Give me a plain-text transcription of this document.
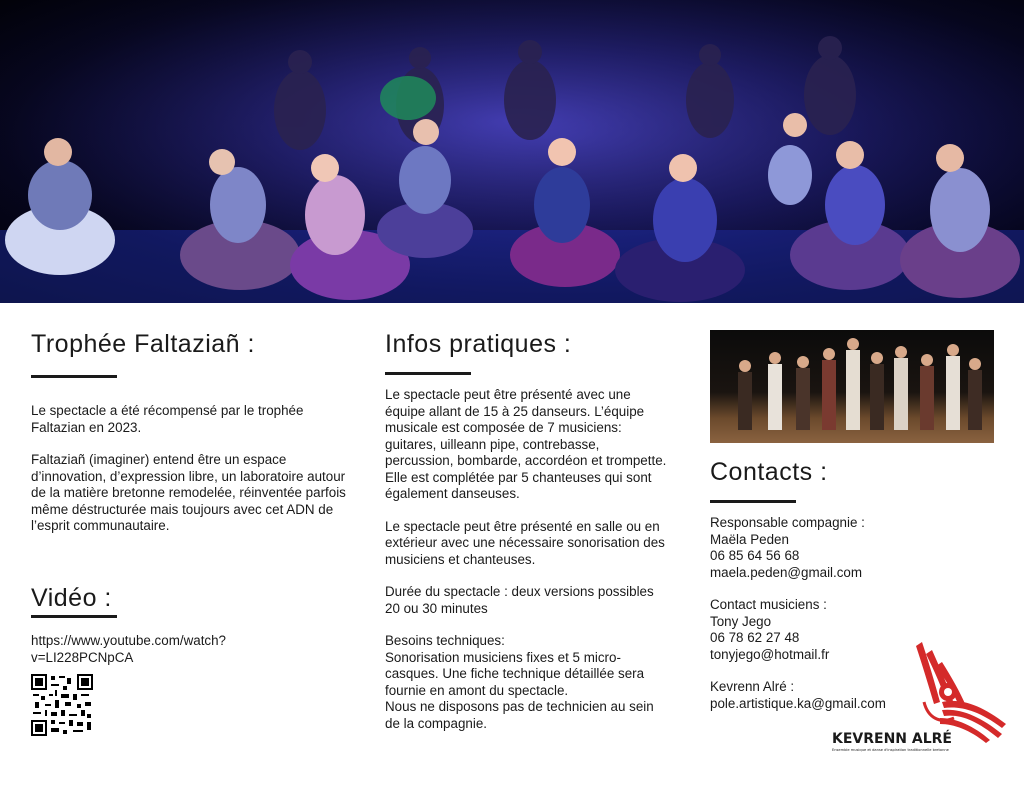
Trophée Faltaziañ :

Le spectacle a été récompensé par le trophée Faltazian en 2023.

Faltaziañ (imaginer) entend être un espace d’innovation, d’expression libre, un laboratoire autour de la matière bretonne remodelée, réinventée parfois même déstructurée mais toujours avec cet ADN de l’esprit communautaire.

Vidéo :

https://www.youtube.com/watch?
v=LI228PCNpCA

Infos pratiques :

Le spectacle peut être présenté avec une équipe allant de 15 à 25 danseurs. L’équipe musicale est composée de 7 musiciens: guitares, uilleann pipe, contrebasse, percussion, bombarde, accordéon et trompette. Elle est complétée par 5 chanteuses qui sont également danseuses.

Le spectacle peut être présenté en salle ou en extérieur avec une nécessaire sonorisation des musiciens et chanteuses.

Durée du spectacle : deux versions possibles 20 ou 30 minutes

Besoins techniques:
Sonorisation musiciens fixes et 5 micro-casques. Une fiche technique détaillée sera fournie en amont du spectacle.
Nous ne disposons pas de technicien au sein de la compagnie.

Contacts :

Responsable compagnie :
Maëla Peden
06 85 64 56 68
maela.peden@gmail.com

Contact musiciens :
Tony Jego
06 78 62 27 48
tonyjego@hotmail.fr

Kevrenn Alré :
pole.artistique.ka@gmail.com

KEVRENN ALRÉ
Ensemble musique et danse d'inspiration traditionnelle bretonne
